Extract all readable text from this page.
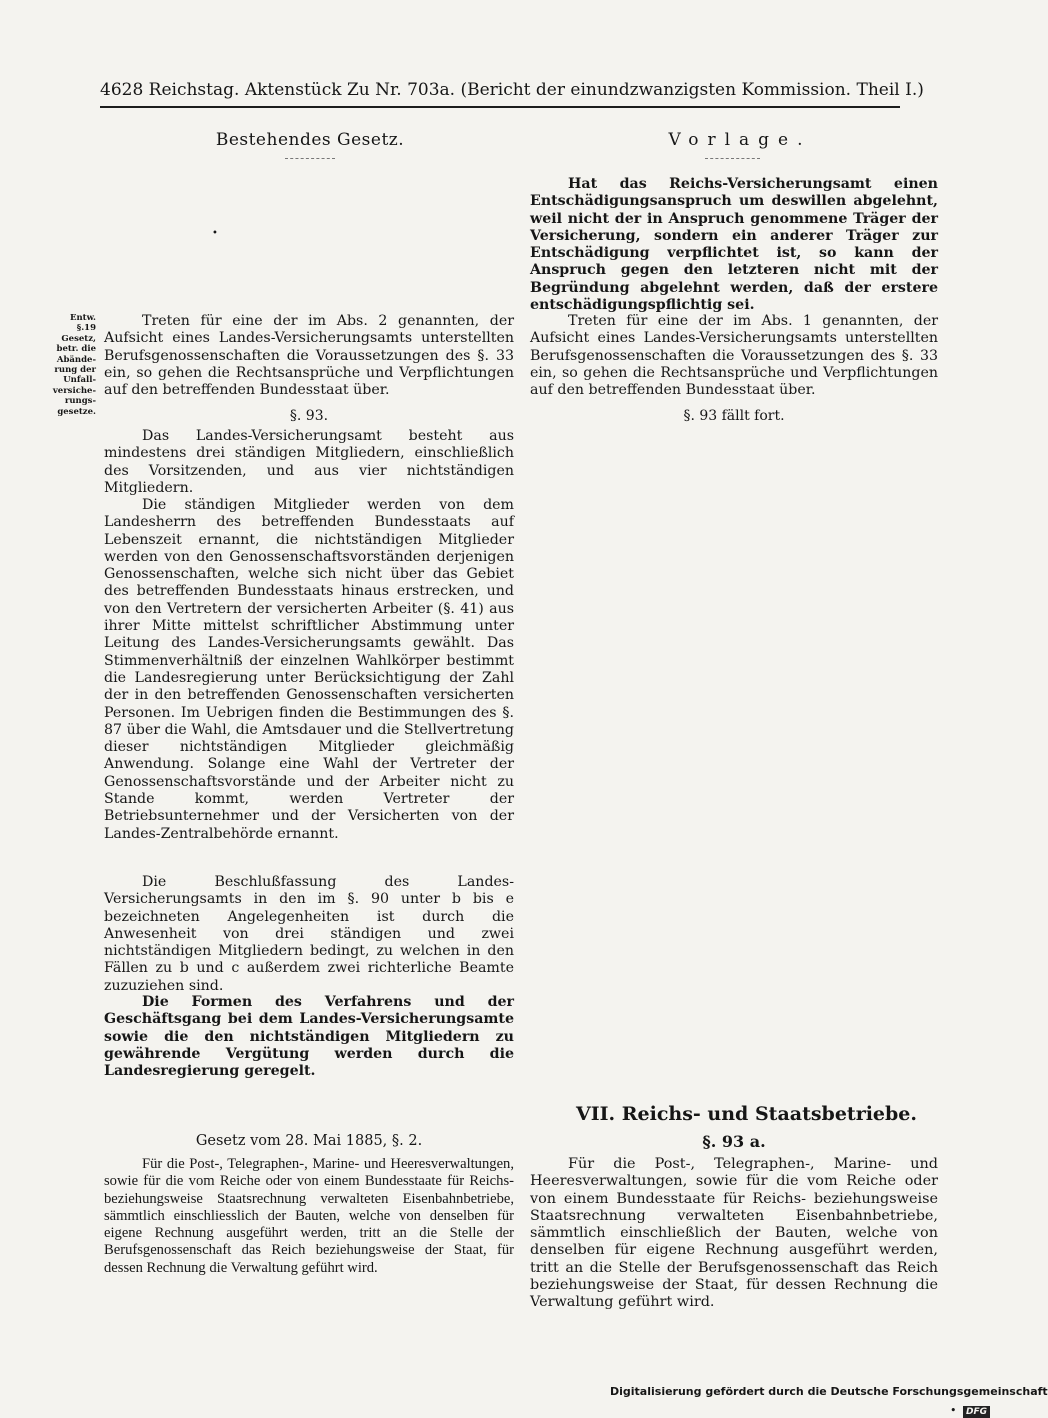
4628 Reichstag. Aktenstück Zu Nr. 703a. (Bericht der einundzwanzigsten Kommission. Theil I.)
Bestehendes Gesetz.
•
Entw. §.19 Gesetz, betr. die Abände- rung der Unfall- versiche- rungs- gesetze.
Treten für eine der im Abs. 2 genannten, der Aufsicht eines Landes-Versicherungsamts unterstellten Berufsgenossenschaften die Voraussetzungen des §. 33 ein, so gehen die Rechtsansprüche und Verpflichtungen auf den betreffenden Bundesstaat über.
§. 93.
Das Landes-Versicherungsamt besteht aus mindestens drei ständigen Mitgliedern, einschließlich des Vorsitzenden, und aus vier nichtständigen Mitgliedern.
Die ständigen Mitglieder werden von dem Landesherrn des betreffenden Bundesstaats auf Lebenszeit ernannt, die nichtständigen Mitglieder werden von den Genossenschaftsvorständen derjenigen Genossenschaften, welche sich nicht über das Gebiet des betreffenden Bundesstaats hinaus erstrecken, und von den Vertretern der versicherten Arbeiter (§. 41) aus ihrer Mitte mittelst schriftlicher Abstimmung unter Leitung des Landes-Versicherungsamts gewählt. Das Stimmenverhältniß der einzelnen Wahlkörper bestimmt die Landesregierung unter Berücksichtigung der Zahl der in den betreffenden Genossenschaften versicherten Personen. Im Uebrigen finden die Bestimmungen des §. 87 über die Wahl, die Amtsdauer und die Stellvertretung dieser nichtständigen Mitglieder gleichmäßig Anwendung. Solange eine Wahl der Vertreter der Genossenschaftsvorstände und der Arbeiter nicht zu Stande kommt, werden Vertreter der Betriebsunternehmer und der Versicherten von der Landes-Zentralbehörde ernannt.
Die Beschlußfassung des Landes-Versicherungsamts in den im §. 90 unter b bis e bezeichneten Angelegenheiten ist durch die Anwesenheit von drei ständigen und zwei nichtständigen Mitgliedern bedingt, zu welchen in den Fällen zu b und c außerdem zwei richterliche Beamte zuzuziehen sind.
Die Formen des Verfahrens und der Geschäftsgang bei dem Landes-Versicherungsamte sowie die den nichtständigen Mitgliedern zu gewährende Vergütung werden durch die Landesregierung geregelt.
Gesetz vom 28. Mai 1885, §. 2.
Für die Post-, Telegraphen-, Marine- und Heeresverwaltungen, sowie für die vom Reiche oder von einem Bundesstaate für Reichs- beziehungsweise Staatsrechnung verwalteten Eisenbahnbetriebe, sämmtlich einschliesslich der Bauten, welche von denselben für eigene Rechnung ausgeführt werden, tritt an die Stelle der Berufsgenossenschaft das Reich beziehungsweise der Staat, für dessen Rechnung die Verwaltung geführt wird.
Vorlage.
Hat das Reichs-Versicherungsamt einen Entschädigungsanspruch um deswillen abgelehnt, weil nicht der in Anspruch genommene Träger der Versicherung, sondern ein anderer Träger zur Entschädigung verpflichtet ist, so kann der Anspruch gegen den letzteren nicht mit der Begründung abgelehnt werden, daß der erstere entschädigungspflichtig sei.
Treten für eine der im Abs. 1 genannten, der Aufsicht eines Landes-Versicherungsamts unterstellten Berufsgenossenschaften die Voraussetzungen des §. 33 ein, so gehen die Rechtsansprüche und Verpflichtungen auf den betreffenden Bundesstaat über.
§. 93 fällt fort.
VII. Reichs- und Staatsbetriebe.
§. 93 a.
Für die Post-, Telegraphen-, Marine- und Heeresverwaltungen, sowie für die vom Reiche oder von einem Bundesstaate für Reichs- beziehungsweise Staatsrechnung verwalteten Eisenbahnbetriebe, sämmtlich einschließlich der Bauten, welche von denselben für eigene Rechnung ausgeführt werden, tritt an die Stelle der Berufsgenossenschaft das Reich beziehungsweise der Staat, für dessen Rechnung die Verwaltung geführt wird.
Digitalisierung gefördert durch die Deutsche Forschungsgemeinschaft • DFG
